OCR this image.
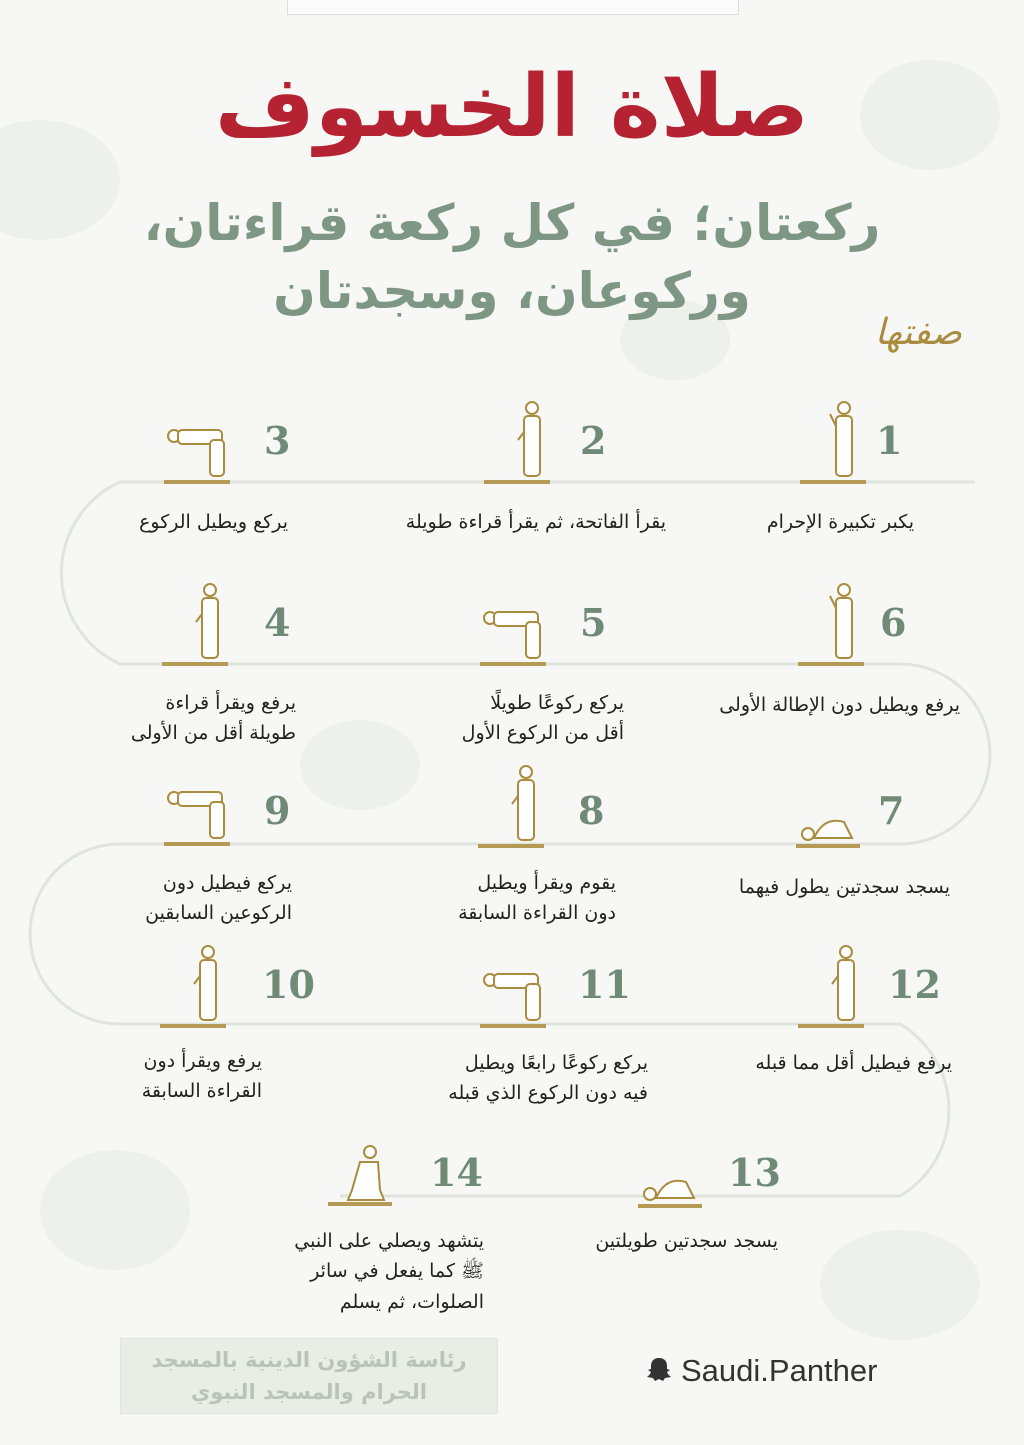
صلاة الخسوف
ركعتان؛ في كل ركعة قراءتان،
وركوعان، وسجدتان
صفتها
1
يكبر تكبيرة الإحرام
2
يقرأ الفاتحة، ثم يقرأ قراءة طويلة
3
يركع ويطيل الركوع
6
يرفع ويطيل دون الإطالة الأولى
5
يركع ركوعًا طويلًا
أقل من الركوع الأول
4
يرفع ويقرأ قراءة
طويلة أقل من الأولى
7
يسجد سجدتين يطول فيهما
8
يقوم ويقرأ ويطيل
دون القراءة السابقة
9
يركع فيطيل دون
الركوعين السابقين
12
يرفع فيطيل أقل مما قبله
11
يركع ركوعًا رابعًا ويطيل
فيه دون الركوع الذي قبله
10
يرفع ويقرأ دون
القراءة السابقة
13
يسجد سجدتين طويلتين
14
يتشهد ويصلي على النبي
ﷺ كما يفعل في سائر
الصلوات، ثم يسلم
رئاسة الشؤون الدينية بالمسجد
الحرام والمسجد النبوي
Saudi.Panther
